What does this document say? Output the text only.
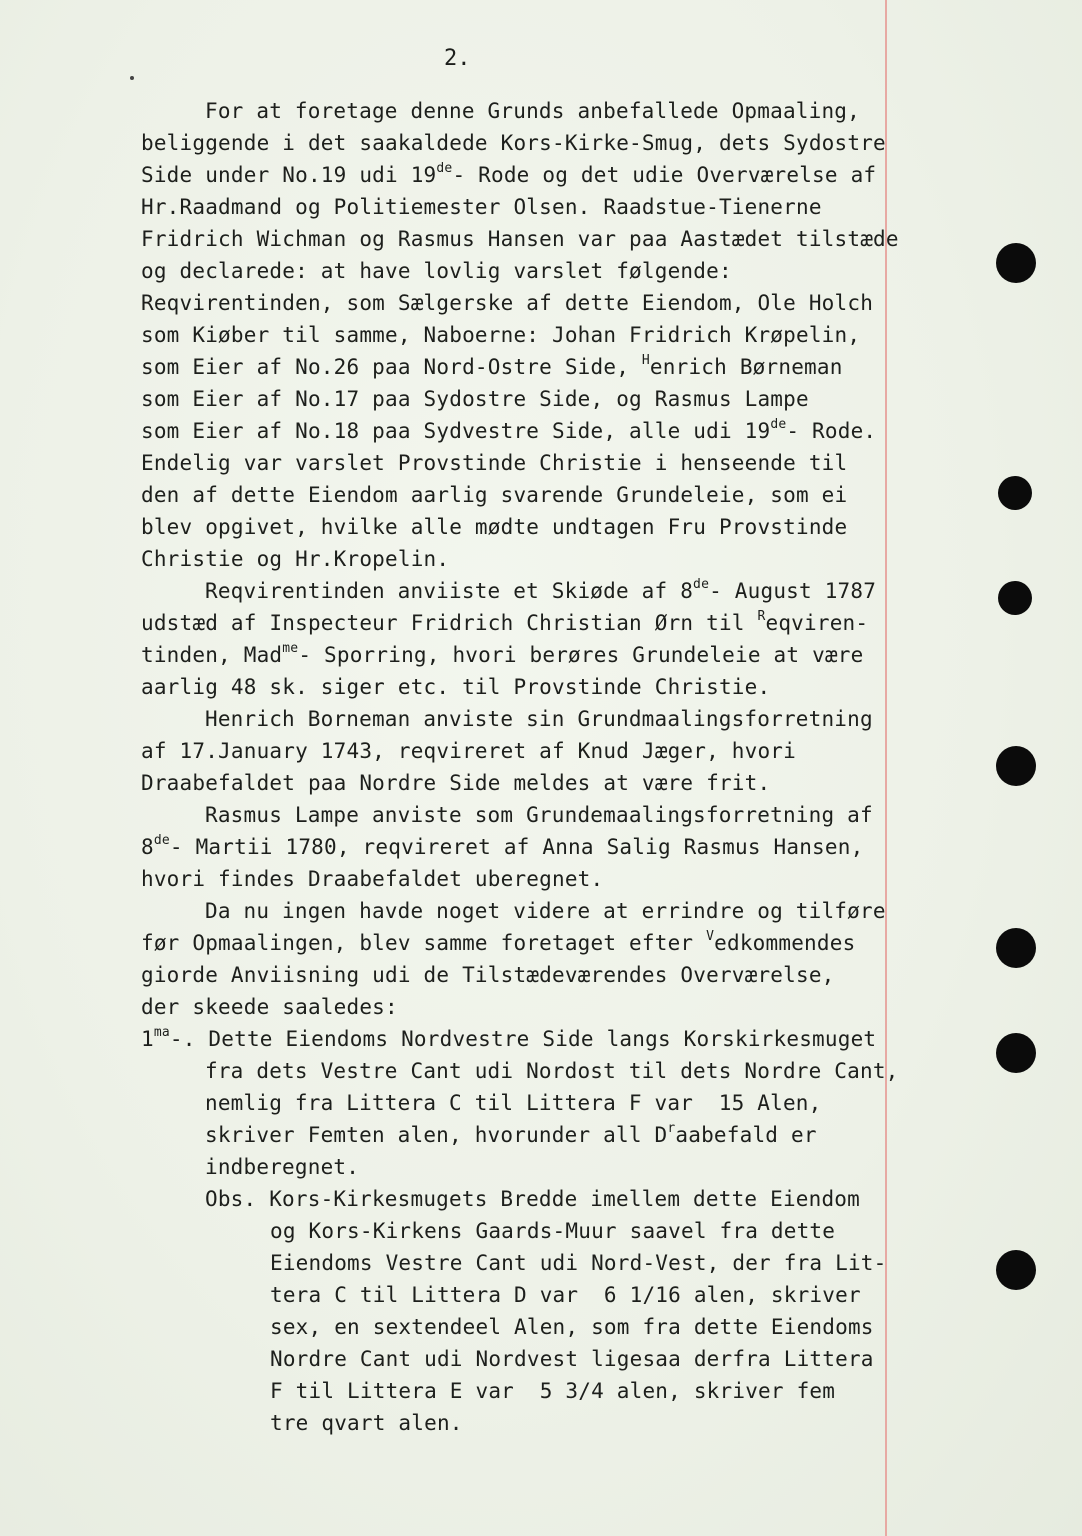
2.
For at foretage denne Grunds anbefallede Opmaaling,
beliggende i det saakaldede Kors-Kirke-Smug, dets Sydostre
Side under No.19 udi 19de- Rode og det udie Overværelse af
Hr.Raadmand og Politiemester Olsen. Raadstue-Tienerne
Fridrich Wichman og Rasmus Hansen var paa Aastædet tilstæde
og declarede: at have lovlig varslet følgende:
Reqvirentinden, som Sælgerske af dette Eiendom, Ole Holch
som Kiøber til samme, Naboerne: Johan Fridrich Krøpelin,
som Eier af No.26 paa Nord-Ostre Side, $^H$enrich Børneman
som Eier af No.17 paa Sydostre Side, og Rasmus Lampe
som Eier af No.18 paa Sydvestre Side, alle udi 19de- Rode.
Endelig var varslet Provstinde Christie i henseende til
den af dette Eiendom aarlig svarende Grundeleie, som ei
blev opgivet, hvilke alle mødte undtagen Fru Provstinde
Christie og Hr.Kropelin.
Reqvirentinden anviiste et Skiøde af 8de- August 1787
udstæd af Inspecteur Fridrich Christian Ørn til $^R$eqviren-
tinden, Mad$^{me}$- Sporring, hvori berøres Grundeleie at være
aarlig 48 sk. siger etc. til Provstinde Christie.
Henrich Borneman anviste sin Grundmaalingsforretning
af 17.January 1743, reqvireret af Knud Jæger, hvori
Draabefaldet paa Nordre Side meldes at være frit.
Rasmus Lampe anviste som Grundemaalingsforretning af
8de- Martii 1780, reqvireret af Anna Salig Rasmus Hansen,
hvori findes Draabefaldet uberegnet.
Da nu ingen havde noget videre at errindre og tilføre
før Opmaalingen, blev samme foretaget efter $^V$edkommendes
giorde Anviisning udi de Tilstædeværendes Overværelse,
der skeede saaledes:
$1^{ma}-$. Dette Eiendoms Nordvestre Side langs Korskirkesmuget
fra dets Vestre Cant udi Nordost til dets Nordre Cant,
nemlig fra Littera C til Littera F var  15 Alen,
skriver Femten alen, hvorunder all $D^raabefald$ er
indberegnet.
Obs. Kors-Kirkesmugets Bredde imellem dette Eiendom
og Kors-Kirkens Gaards-Muur saavel fra dette
Eiendoms Vestre Cant udi Nord-Vest, der fra Lit-
tera C til Littera D var  6 1/16 alen, skriver
sex, en sextendeel Alen, som fra dette Eiendoms
Nordre Cant udi Nordvest ligesaa derfra Littera
F til Littera E var  5 3/4 alen, skriver fem
tre qvart alen.
